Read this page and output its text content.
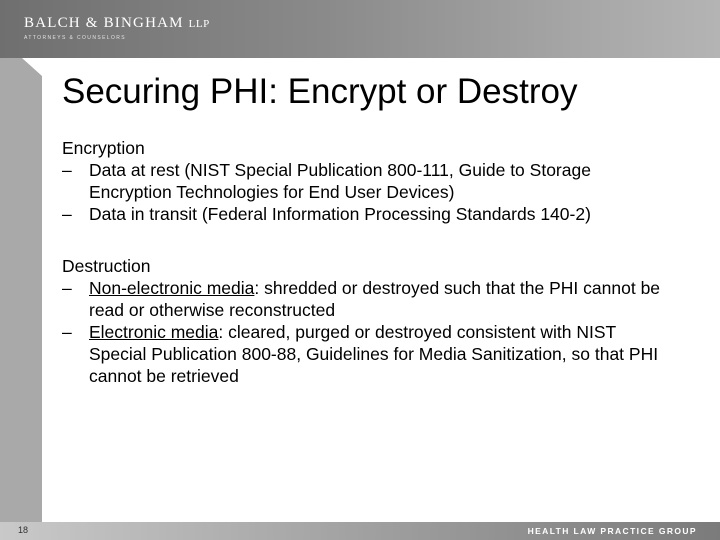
BALCH & BINGHAM LLP
ATTORNEYS & COUNSELORS
Securing PHI: Encrypt or Destroy

Encryption

– Data at rest (NIST Special Publication 800-111, Guide to Storage Encryption Technologies for End User Devices)

– Data in transit (Federal Information Processing Standards 140-2)

Destruction

– Non-electronic media: shredded or destroyed such that the PHI cannot be read or otherwise reconstructed

– Electronic media: cleared, purged or destroyed consistent with NIST Special Publication 800-88, Guidelines for Media Sanitization, so that PHI cannot be retrieved

18	HEALTH LAW PRACTICE GROUP
